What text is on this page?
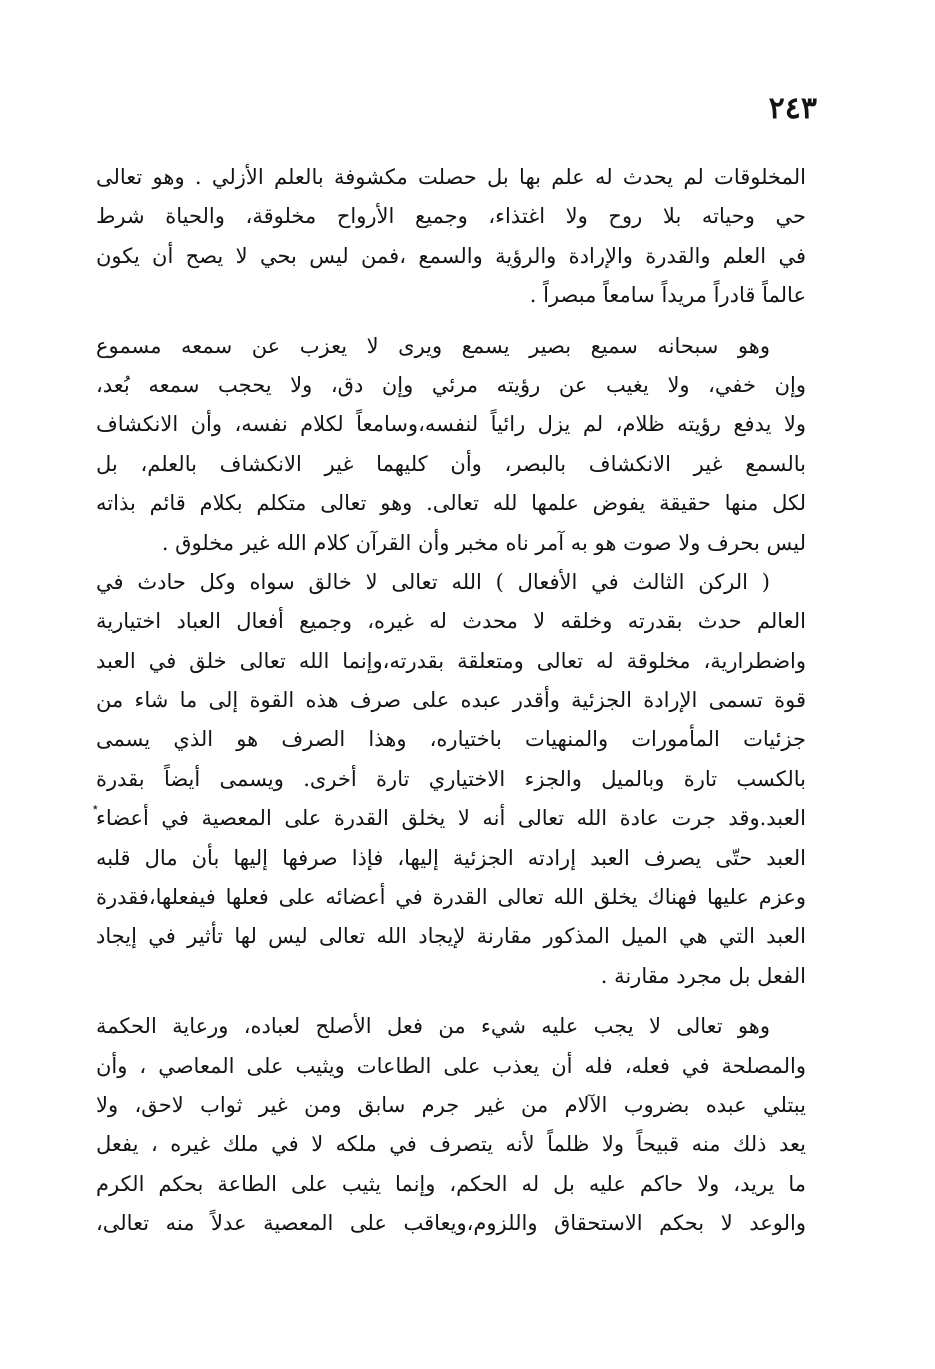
٢٤٣
٭
المخلوقات لم يحدث له علم بها بل حصلت مكشوفة بالعلم الأزلي . وهو تعالى
حي وحياته بلا روح ولا اغتذاء، وجميع الأرواح مخلوقة، والحياة شرط
في العلم والقدرة والإرادة والرؤية والسمع ،فمن ليس بحي لا يصح أن يكون
عالماً قادراً مريداً سامعاً مبصراً .
وهو سبحانه سميع بصير يسمع ويرى لا يعزب عن سمعه مسموع
وإن خفي، ولا يغيب عن رؤيته مرئي وإن دق، ولا يحجب سمعه بُعد،
ولا يدفع رؤيته ظلام، لم يزل رائياً لنفسه،وسامعاً لكلام نفسه، وأن الانكشاف
بالسمع غير الانكشاف بالبصر، وأن كليهما غير الانكشاف بالعلم، بل
لكل منها حقيقة يفوض علمها لله تعالى. وهو تعالى متكلم بكلام قائم بذاته
ليس بحرف ولا صوت هو به آمر ناه مخبر وأن القرآن كلام الله غير مخلوق .
( الركن الثالث في الأفعال ) الله تعالى لا خالق سواه وكل حادث في
العالم حدث بقدرته وخلقه لا محدث له غيره، وجميع أفعال العباد اختيارية
واضطرارية، مخلوقة له تعالى ومتعلقة بقدرته،وإنما الله تعالى خلق في العبد
قوة تسمى الإرادة الجزئية وأقدر عبده على صرف هذه القوة إلى ما شاء من
جزئيات المأمورات والمنهيات باختياره، وهذا الصرف هو الذي يسمى
بالكسب تارة وبالميل والجزء الاختياري تارة أخرى. ويسمى أيضاً بقدرة
العبد.وقد جرت عادة الله تعالى أنه لا يخلق القدرة على المعصية في أعضاء
العبد حتّى يصرف العبد إرادته الجزئية إليها، فإذا صرفها إليها بأن مال قلبه
وعزم عليها فهناك يخلق الله تعالى القدرة في أعضائه على فعلها فيفعلها،فقدرة
العبد التي هي الميل المذكور مقارنة لإيجاد الله تعالى ليس لها تأثير في إيجاد
الفعل بل مجرد مقارنة .
وهو تعالى لا يجب عليه شيء من فعل الأصلح لعباده، ورعاية الحكمة
والمصلحة في فعله، فله أن يعذب على الطاعات ويثيب على المعاصي ، وأن
يبتلي عبده بضروب الآلام من غير جرم سابق ومن غير ثواب لاحق، ولا
يعد ذلك منه قبيحاً ولا ظلماً لأنه يتصرف في ملكه لا في ملك غيره ، يفعل
ما يريد، ولا حاكم عليه بل له الحكم، وإنما يثيب على الطاعة بحكم الكرم
والوعد لا بحكم الاستحقاق واللزوم،ويعاقب على المعصية عدلاً منه تعالى،
